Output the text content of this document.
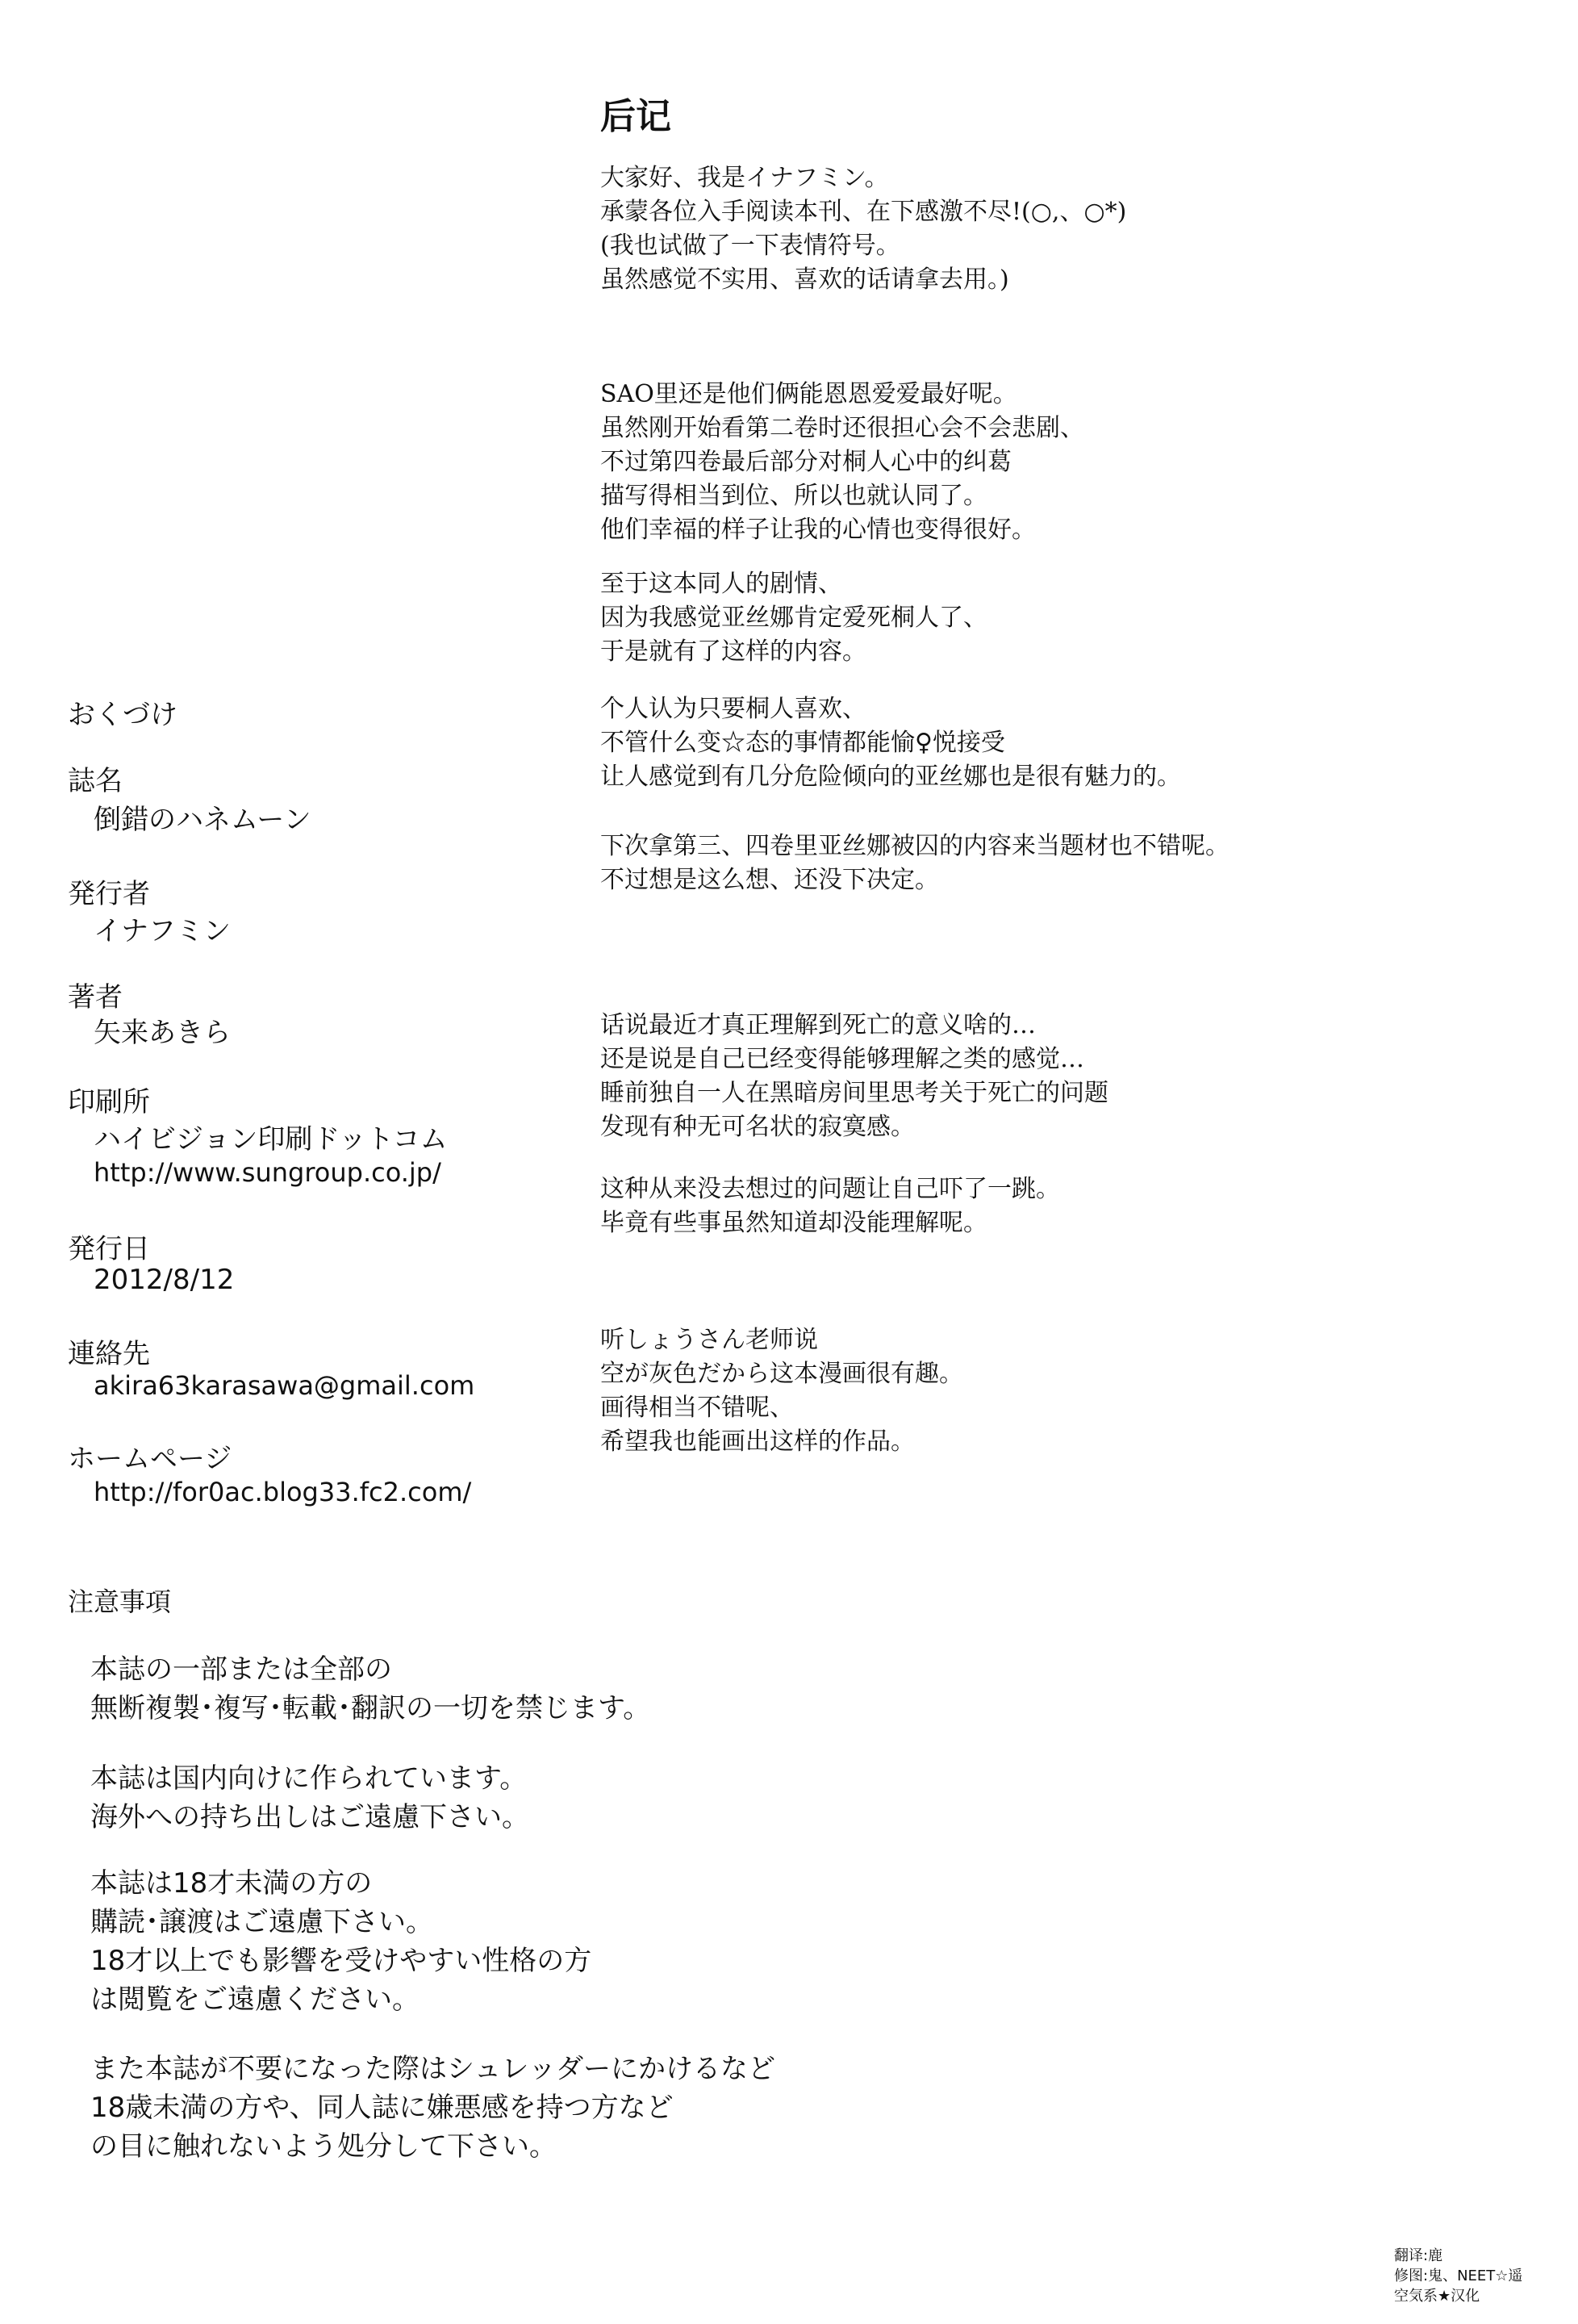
后记
大家好、我是イナフミン。
承蒙各位入手阅读本刊、在下感激不尽!(○,、○*)
(我也试做了一下表情符号。
虽然感觉不实用、喜欢的话请拿去用。)
SAO里还是他们俩能恩恩爱爱最好呢。
虽然刚开始看第二卷时还很担心会不会悲剧、
不过第四卷最后部分对桐人心中的纠葛
描写得相当到位、所以也就认同了。
他们幸福的样子让我的心情也变得很好。
至于这本同人的剧情、
因为我感觉亚丝娜肯定爱死桐人了、
于是就有了这样的内容。
个人认为只要桐人喜欢、
不管什么变☆态的事情都能愉♀悦接受
让人感觉到有几分危险倾向的亚丝娜也是很有魅力的。
下次拿第三、四卷里亚丝娜被囚的内容来当题材也不错呢。
不过想是这么想、还没下决定。
话说最近才真正理解到死亡的意义啥的…
还是说是自己已经变得能够理解之类的感觉…
睡前独自一人在黑暗房间里思考关于死亡的问题
发现有种无可名状的寂寞感。
这种从来没去想过的问题让自己吓了一跳。
毕竟有些事虽然知道却没能理解呢。
听しょうさん老师说
空が灰色だから这本漫画很有趣。
画得相当不错呢、
希望我也能画出这样的作品。
おくづけ
誌名
倒錯のハネムーン
発行者
イナフミン
著者
矢来あきら
印刷所
ハイビジョン印刷ドットコム
http://www.sungroup.co.jp/
発行日
2012/8/12
連絡先
akira63karasawa@gmail.com
ホームページ
http://for0ac.blog33.fc2.com/
注意事項
本誌の一部または全部の
無断複製･複写･転載･翻訳の一切を禁じます。
本誌は国内向けに作られています。
海外への持ち出しはご遠慮下さい。
本誌は18才未満の方の
購読･譲渡はご遠慮下さい。
18才以上でも影響を受けやすい性格の方
は閲覧をご遠慮ください。
また本誌が不要になった際はシュレッダーにかけるなど
18歳未満の方や、同人誌に嫌悪感を持つ方など
の目に触れないよう処分して下さい。
翻译:鹿
修图:鬼、NEET☆遥
空気系★汉化
